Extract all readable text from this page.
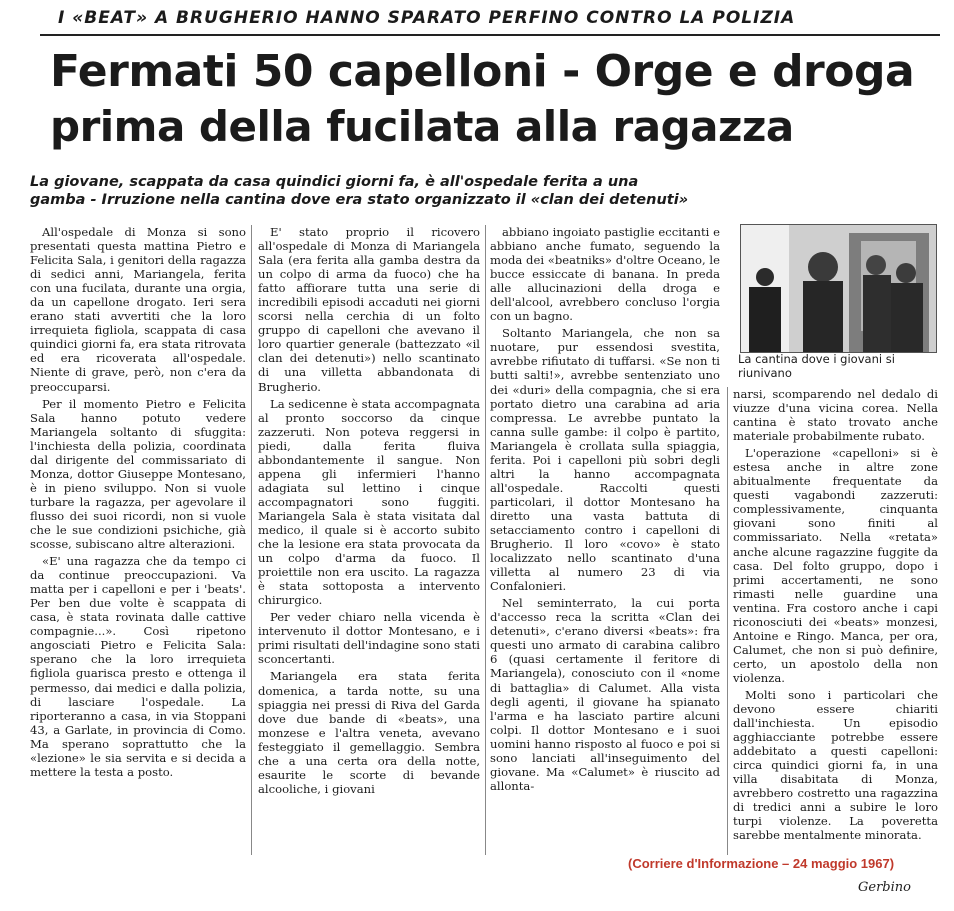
I «BEAT» A BRUGHERIO HANNO SPARATO PERFINO CONTRO LA POLIZIA
Fermati 50 capelloni - Orge e droga
prima della fucilata alla ragazza
La giovane, scappata da casa quindici giorni fa, è all'ospedale ferita a una
gamba - Irruzione nella cantina dove era stato organizzato il «clan dei detenuti»

All'ospedale di Monza si sono presentati questa mattina Pietro e Felicita Sala, i genitori della ragazza di sedici anni, Mariangela, ferita con una fucilata, durante una orgia, da un capellone drogato. Ieri sera erano stati avvertiti che la loro irrequieta figliola, scappata di casa quindici giorni fa, era stata ritrovata ed era ricoverata all'ospedale. Niente di grave, però, non c'era da preoccuparsi.

Per il momento Pietro e Felicita Sala hanno potuto vedere Mariangela soltanto di sfuggita: l'inchiesta della polizia, coordinata dal dirigente del commissariato di Monza, dottor Giuseppe Montesano, è in pieno sviluppo. Non si vuole turbare la ragazza, per agevolare il flusso dei suoi ricordi, non si vuole che le sue condizioni psichiche, già scosse, subiscano altre alterazioni.

«E' una ragazza che da tempo ci da continue preoccupazioni. Va matta per i capelloni e per i 'beats'. Per ben due volte è scappata di casa, è stata rovinata dalle cattive compagnie...». Così ripetono angosciati Pietro e Felicita Sala: sperano che la loro irrequieta figliola guarisca presto e ottenga il permesso, dai medici e dalla polizia, di lasciare l'ospedale. La riporteranno a casa, in via Stoppani 43, a Garlate, in provincia di Como. Ma sperano soprattutto che la «lezione» le sia servita e si decida a mettere la testa a posto.

E' stato proprio il ricovero all'ospedale di Monza di Mariangela Sala (era ferita alla gamba destra da un colpo di arma da fuoco) che ha fatto affiorare tutta una serie di incredibili episodi accaduti nei giorni scorsi nella cerchia di un folto gruppo di capelloni che avevano il loro quartier generale (battezzato «il clan dei detenuti») nello scantinato di una villetta abbandonata di Brugherio.

La sedicenne è stata accompagnata al pronto soccorso da cinque zazzeruti. Non poteva reggersi in piedi, dalla ferita fluiva abbondantemente il sangue. Non appena gli infermieri l'hanno adagiata sul lettino i cinque accompagnatori sono fuggiti. Mariangela Sala è stata visitata dal medico, il quale si è accorto subito che la lesione era stata provocata da un colpo d'arma da fuoco. Il proiettile non era uscito. La ragazza è stata sottoposta a intervento chirurgico.

Per veder chiaro nella vicenda è intervenuto il dottor Montesano, e i primi risultati dell'indagine sono stati sconcertanti.

Mariangela era stata ferita domenica, a tarda notte, su una spiaggia nei pressi di Riva del Garda dove due bande di «beats», una monzese e l'altra veneta, avevano festeggiato il gemellaggio. Sembra che a una certa ora della notte, esaurite le scorte di bevande alcooliche, i giovani

abbiano ingoiato pastiglie eccitanti e abbiano anche fumato, seguendo la moda dei «beatniks» d'oltre Oceano, le bucce essiccate di banana. In preda alle allucinazioni della droga e dell'alcool, avrebbero concluso l'orgia con un bagno.

Soltanto Mariangela, che non sa nuotare, pur essendosi svestita, avrebbe rifiutato di tuffarsi. «Se non ti butti salti!», avrebbe sentenziato uno dei «duri» della compagnia, che si era portato dietro una carabina ad aria compressa. Le avrebbe puntato la canna sulle gambe: il colpo è partito, Mariangela è crollata sulla spiaggia, ferita. Poi i capelloni più sobri degli altri la hanno accompagnata all'ospedale. Raccolti questi particolari, il dottor Montesano ha diretto una vasta battuta di setacciamento contro i capelloni di Brugherio. Il loro «covo» è stato localizzato nello scantinato d'una villetta al numero 23 di via Confalonieri.

Nel seminterrato, la cui porta d'accesso reca la scritta «Clan dei detenuti», c'erano diversi «beats»: fra questi uno armato di carabina calibro 6 (quasi certamente il feritore di Mariangela), conosciuto con il «nome di battaglia» di Calumet. Alla vista degli agenti, il giovane ha spianato l'arma e ha lasciato partire alcuni colpi. Il dottor Montesano e i suoi uomini hanno risposto al fuoco e poi si sono lanciati all'inseguimento del giovane. Ma «Calumet» è riuscito ad allonta-

La cantina dove i giovani si riunivano

narsi, scomparendo nel dedalo di viuzze d'una vicina corea. Nella cantina è stato trovato anche materiale probabilmente rubato.

L'operazione «capelloni» si è estesa anche in altre zone abitualmente frequentate da questi vagabondi zazzeruti: complessivamente, cinquanta giovani sono finiti al commissariato. Nella «retata» anche alcune ragazzine fuggite da casa. Del folto gruppo, dopo i primi accertamenti, ne sono rimasti nelle guardine una ventina. Fra costoro anche i capi riconosciuti dei «beats» monzesi, Antoine e Ringo. Manca, per ora, Calumet, che non si può definire, certo, un apostolo della non violenza.

Molti sono i particolari che devono essere chiariti dall'inchiesta. Un episodio agghiacciante potrebbe essere addebitato a questi capelloni: circa quindici giorni fa, in una villa disabitata di Monza, avrebbero costretto una ragazzina di tredici anni a subire le loro turpi violenze. La poveretta sarebbe mentalmente minorata.

(Corriere d'Informazione – 24 maggio 1967)
Gerbino
